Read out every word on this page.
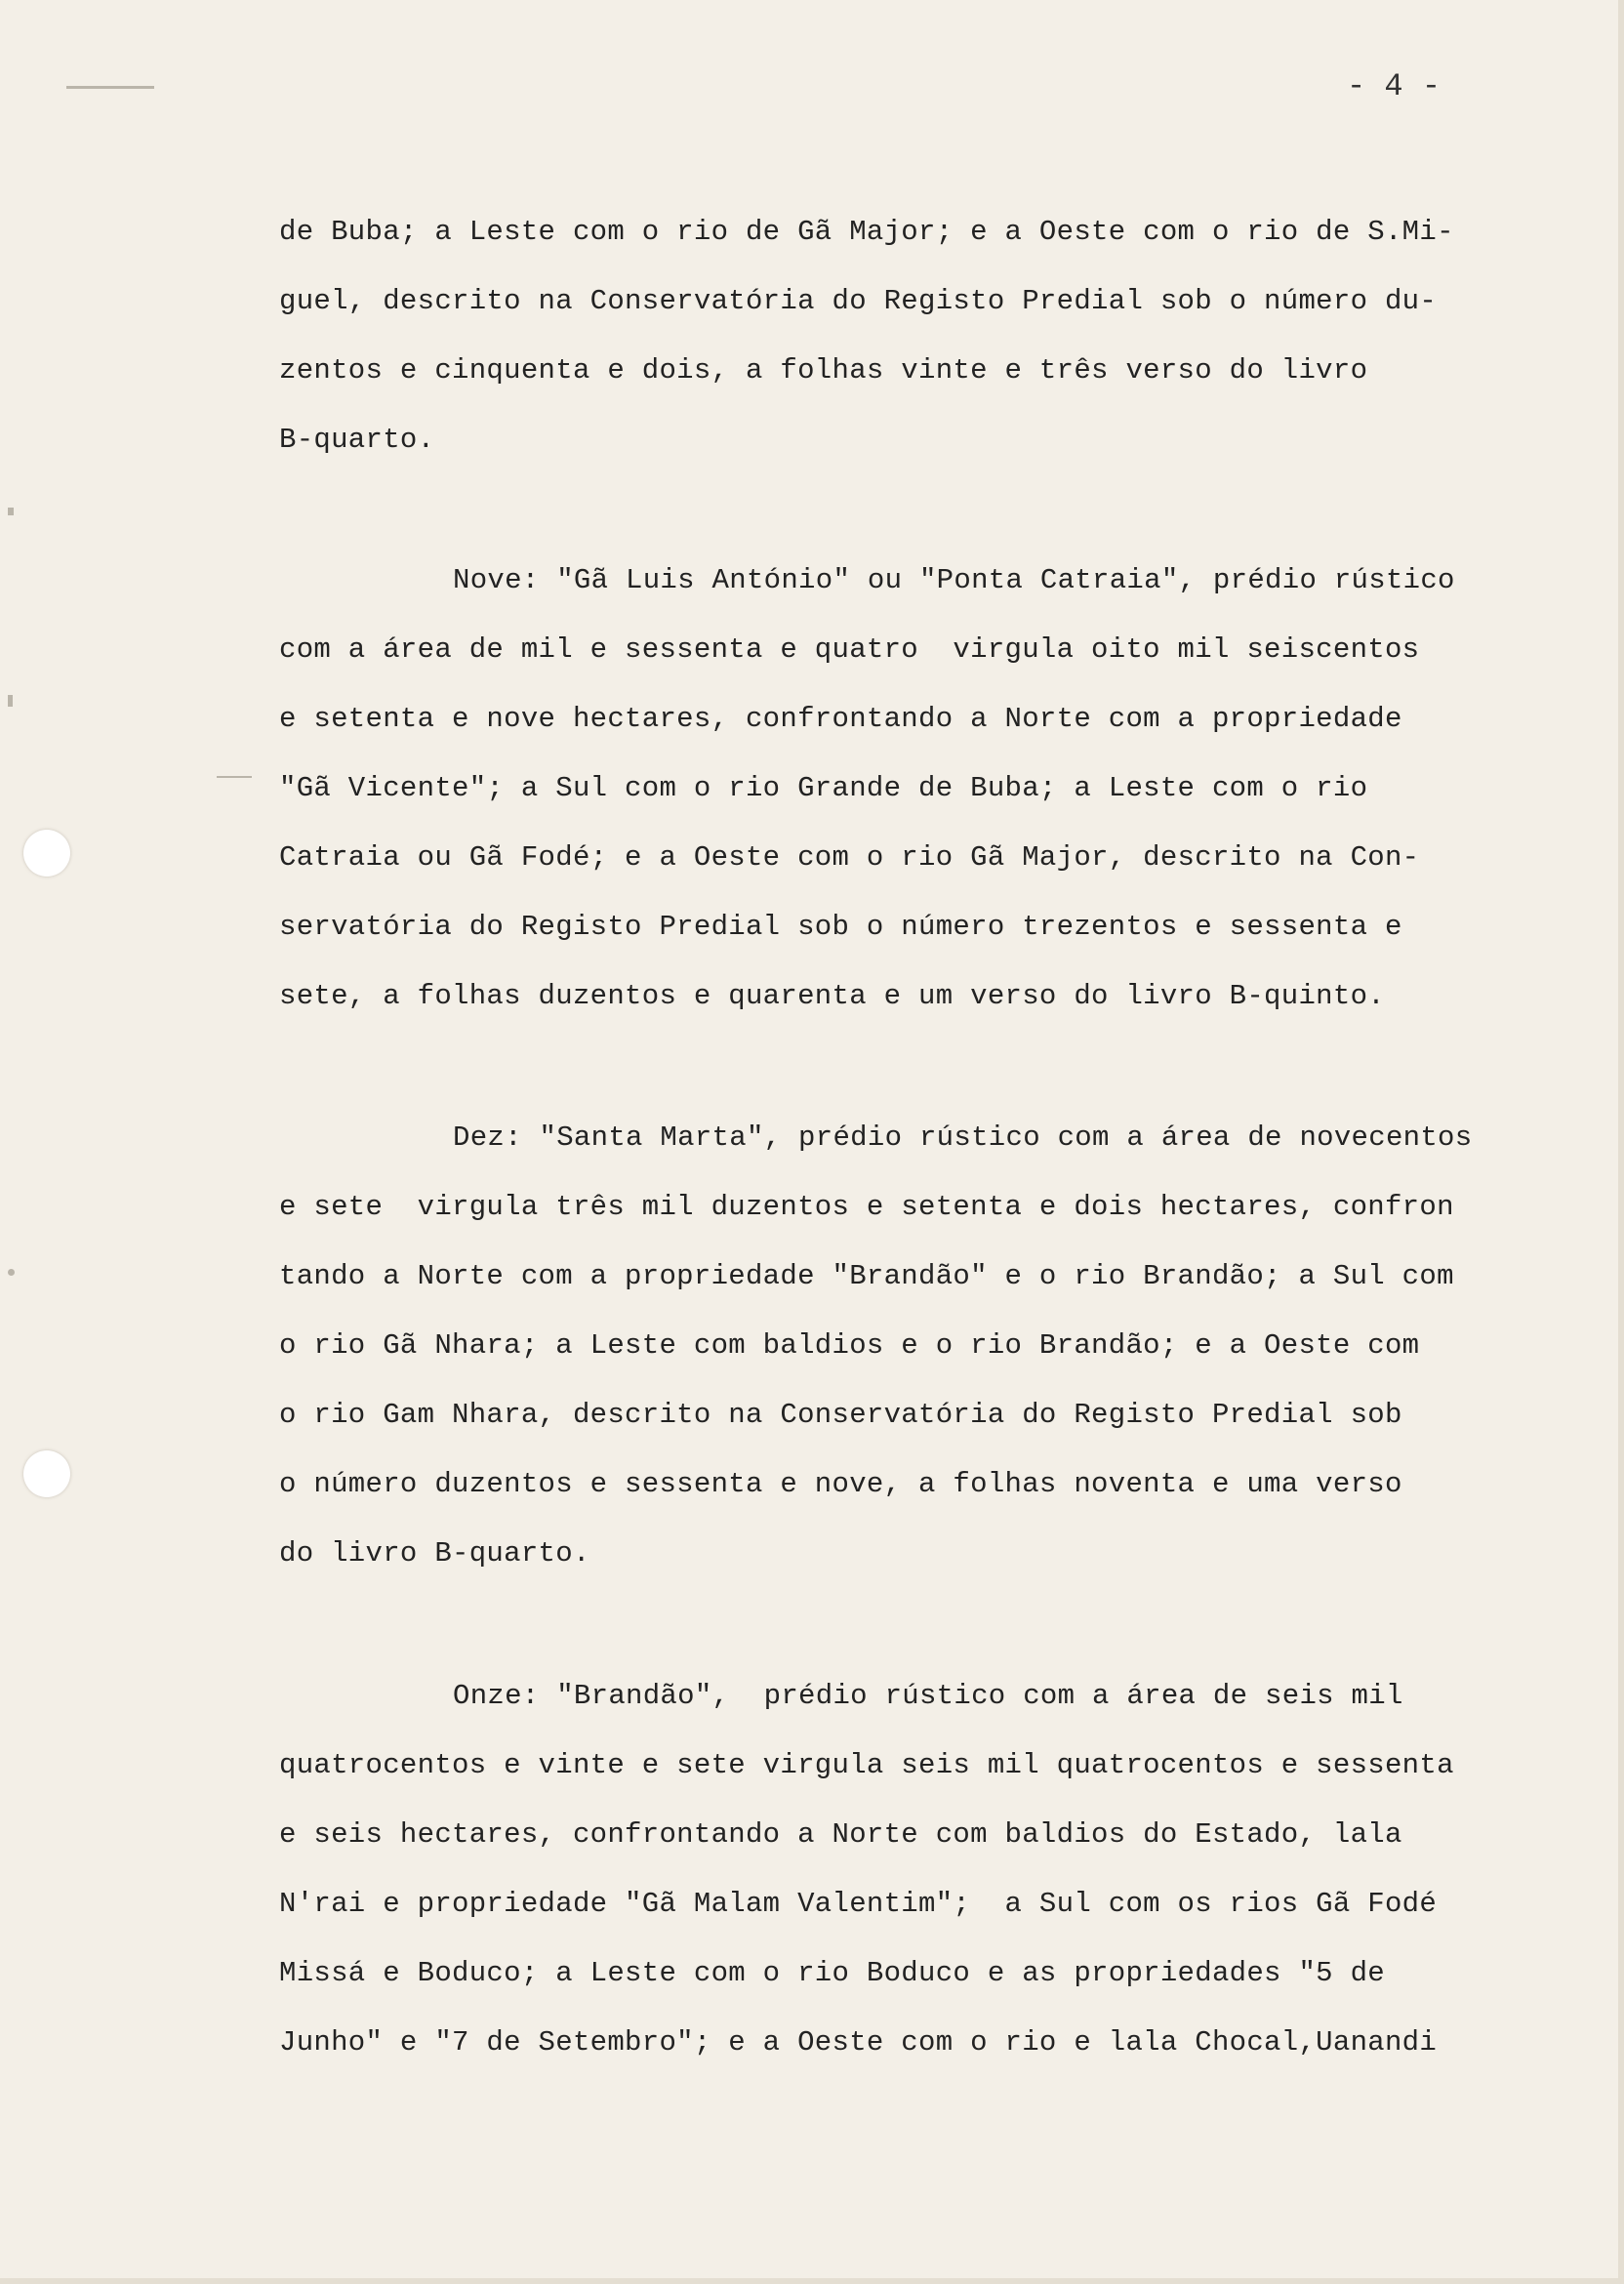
- 4 -
de Buba; a Leste com o rio de Gã Major; e a Oeste com o rio de S.Mi-
guel, descrito na Conservatória do Registo Predial sob o número du-
zentos e cinquenta e dois, a folhas vinte e três verso do livro
B-quarto.
Nove: "Gã Luis António" ou "Ponta Catraia", prédio rústico
com a área de mil e sessenta e quatro  virgula oito mil seiscentos
e setenta e nove hectares, confrontando a Norte com a propriedade
"Gã Vicente"; a Sul com o rio Grande de Buba; a Leste com o rio
Catraia ou Gã Fodé; e a Oeste com o rio Gã Major, descrito na Con-
servatória do Registo Predial sob o número trezentos e sessenta e
sete, a folhas duzentos e quarenta e um verso do livro B-quinto.
Dez: "Santa Marta", prédio rústico com a área de novecentos
e sete  virgula três mil duzentos e setenta e dois hectares, confron
tando a Norte com a propriedade "Brandão" e o rio Brandão; a Sul com
o rio Gã Nhara; a Leste com baldios e o rio Brandão; e a Oeste com
o rio Gam Nhara, descrito na Conservatória do Registo Predial sob
o número duzentos e sessenta e nove, a folhas noventa e uma verso
do livro B-quarto.
Onze: "Brandão",  prédio rústico com a área de seis mil
quatrocentos e vinte e sete virgula seis mil quatrocentos e sessenta
e seis hectares, confrontando a Norte com baldios do Estado, lala
N'rai e propriedade "Gã Malam Valentim";  a Sul com os rios Gã Fodé
Missá e Boduco; a Leste com o rio Boduco e as propriedades "5 de
Junho" e "7 de Setembro"; e a Oeste com o rio e lala Chocal,Uanandi
